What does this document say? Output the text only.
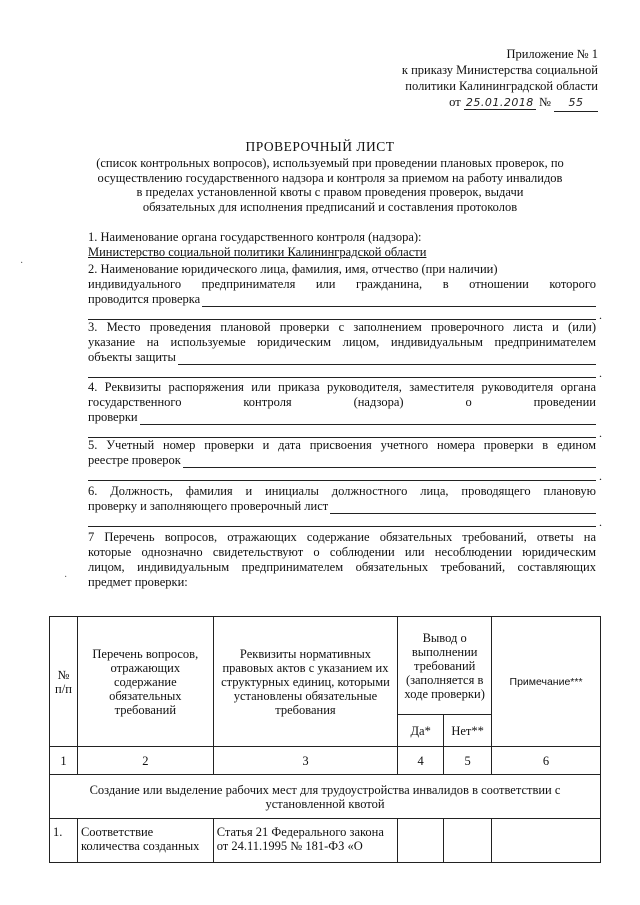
Приложение № 1
к приказу Министерства социальной
политики Калининградской области
от 25.01.2018 № 55
ПРОВЕРОЧНЫЙ ЛИСТ
(список контрольных вопросов), используемый при проведении плановых проверок, по
осуществлению государственного надзора и контроля за приемом на работу инвалидов
в пределах установленной квоты с правом проведения проверок, выдачи
обязательных для исполнения предписаний и составления протоколов
1. Наименование органа государственного контроля (надзора):
Министерство социальной политики Калининградской области
2. Наименование юридического лица, фамилия, имя, отчество (при наличии)
индивидуального предпринимателя или гражданина, в отношении которого
проводится проверка
.
3. Место проведения плановой проверки с заполнением проверочного листа и (или)
указание на используемые юридическим лицом, индивидуальным предпринимателем
объекты защиты
.
4. Реквизиты распоряжения или приказа руководителя, заместителя руководителя органа
государственного контроля (надзора) о проведении
проверки
.
5. Учетный номер проверки и дата присвоения учетного номера проверки в едином
реестре проверок
.
6. Должность, фамилия и инициалы должностного лица, проводящего плановую
проверку и заполняющего проверочный лист
.
7 Перечень вопросов, отражающих содержание обязательных требований, ответы на
которые однозначно свидетельствуют о соблюдении или несоблюдении юридическим
лицом, индивидуальным предпринимателем обязательных требований, составляющих
предмет проверки:
№ п/п	Перечень вопросов, отражающих содержание обязательных требований	Реквизиты нормативных правовых актов с указанием их структурных единиц, которыми установлены обязательные требования	Вывод о выполнении требований (заполняется в ходе проверки)		Примечание***
			Да*	Нет**	
1	2	3	4	5	6
Создание или выделение рабочих мест для трудоустройства инвалидов в соответствии с установленной квотой					
1.	Соответствие количества созданных	Статья 21 Федерального закона от 24.11.1995 № 181-ФЗ «О			
·
·
